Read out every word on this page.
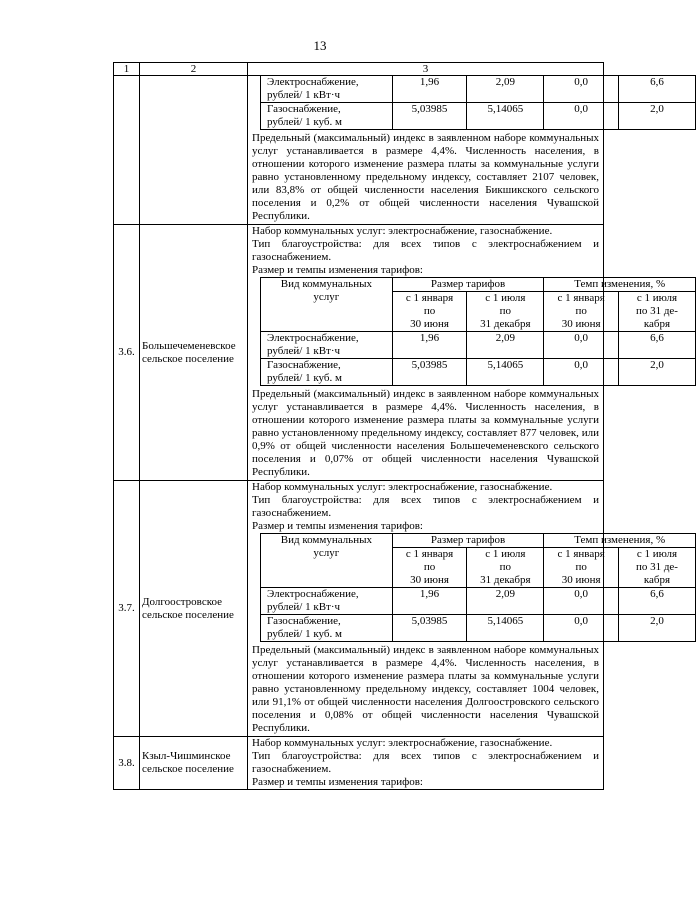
13
1	2	3

Электроснабжение,
рублей/ 1 кВт·ч
	1,96	2,09	0,0	6,6

Газоснабжение,
рублей/ 1 куб. м
	5,03985	5,14065	0,0	2,0
Предельный (максимальный) индекс в заявленном наборе коммунальных услуг устанавливается в размере 4,4%. Численность населения, в отношении которого изменение размера платы за коммунальные услуги равно установленному предельному индексу, составляет 2107 человек, или 83,8% от общей численности населения Бикшикского сельского поселения и 0,2% от общей численности населения Чувашской Республики.

3.6.	Большечеменевское сельское поселение	
Набор коммунальных услуг: электроснабжение, газоснабжение.
Тип благоустройства: для всех типов с электроснабжением и газоснабжением.
Размер и темпы изменения тарифов:
Вид коммунальных услуг	Размер тарифов	Темп изменения, %

с 1 января
по
30 июня

с 1 июля
по
31 декабря

с 1 января
по
30 июня

с 1 июля
по 31 де-
кабря

Электроснабжение,
рублей/ 1 кВт·ч
	1,96	2,09	0,0	6,6

Газоснабжение,
рублей/ 1 куб. м
	5,03985	5,14065	0,0	2,0
Предельный (максимальный) индекс в заявленном наборе коммунальных услуг устанавливается в размере 4,4%. Численность населения, в отношении которого изменение размера платы за коммунальные услуги равно установленному предельному индексу, составляет 877 человек, или 0,9% от общей численности населения Большечеменевского сельского поселения и 0,07% от общей численности населения Чувашской Республики.

3.7.	Долгоостровское сельское поселение	
Набор коммунальных услуг: электроснабжение, газоснабжение.
Тип благоустройства: для всех типов с электроснабжением и газоснабжением.
Размер и темпы изменения тарифов:
Вид коммунальных услуг	Размер тарифов	Темп изменения, %

с 1 января
по
30 июня

с 1 июля
по
31 декабря

с 1 января
по
30 июня

с 1 июля
по 31 де-
кабря

Электроснабжение,
рублей/ 1 кВт·ч
	1,96	2,09	0,0	6,6

Газоснабжение,
рублей/ 1 куб. м
	5,03985	5,14065	0,0	2,0
Предельный (максимальный) индекс в заявленном наборе коммунальных услуг устанавливается в размере 4,4%. Численность населения, в отношении которого изменение размера платы за коммунальные услуги равно установленному предельному индексу, составляет 1004 человек, или 91,1% от общей численности населения Долгоостровского сельского поселения и 0,08% от общей численности населения Чувашской Республики.

3.8.	Кзыл-Чишминское сельское поселение	
Набор коммунальных услуг: электроснабжение, газоснабжение.
Тип благоустройства: для всех типов с электроснабжением и газоснабжением.
Размер и темпы изменения тарифов:
